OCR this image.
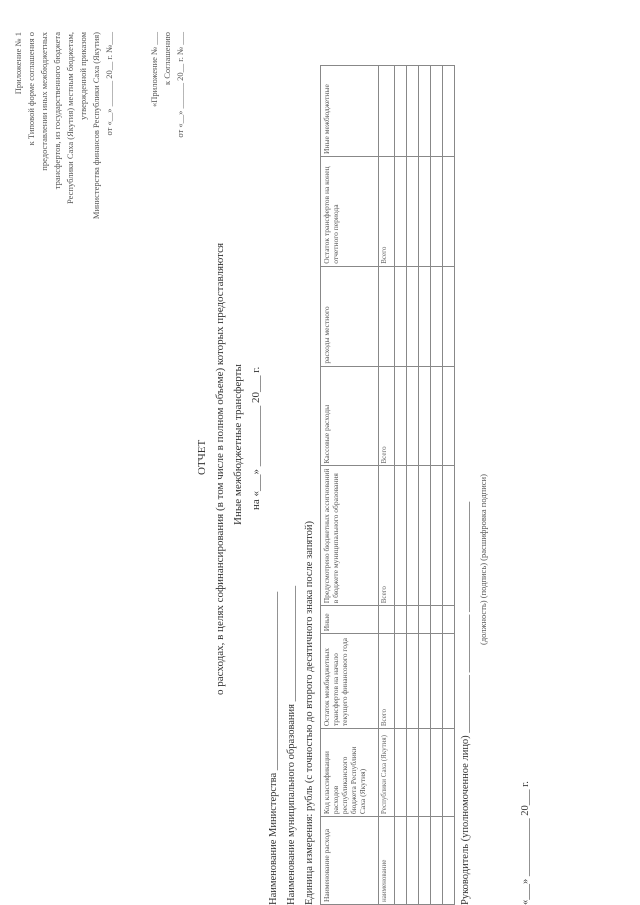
Приложение № 1 к Типовой форме соглашения о предоставлении иных межбюджетных трансфертов, из государственного бюджета Республики Саха (Якутия) местным бюджетам, утвержденной приказом Министерства финансов Республики Саха (Якутия) от «__» ______ 20__ г. №___	«Приложение № ___ к Соглашению от «__» ______ 20__ г. № ___
ОТЧЕТ о расходах, в целях софинансирования (в том числе в полном объеме) которых предоставляются Иные межбюджетные трансферты на «___» ___________ 20___ г.
Наименование Министерства __________________________________ Наименование муниципального образования ______________________ Единица измерения: рубль (с точностью до второго десятичного знака после запятой) Наименование расхода	Код классификации расходов республиканского бюджета Республики Саха (Якутия)	Остаток межбюджетных трансфертов на начало текущего финансового года	Иные	Предусмотрено бюджетных ассигнований в бюджете муниципального образования	Кассовые расходы	расходы местного	Остаток трансфертов на конец отчетного периода	Иные межбюджетные
наименование	Республики Саха (Якутия)	Всего		Всего	Всего		Всего	

Руководитель (уполномоченное лицо) ___________ ___________ _____________________ (должность) (подпись) (расшифровка подписи)
«___» ___________ 20___ г.
